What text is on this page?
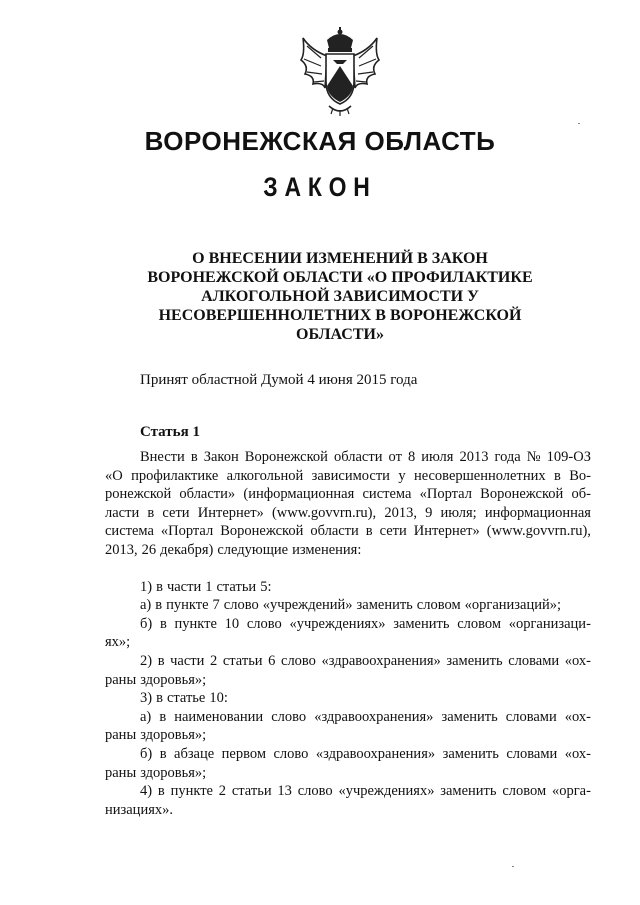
ВОРОНЕЖСКАЯ ОБЛАСТЬ
ЗАКОН
О ВНЕСЕНИИ ИЗМЕНЕНИЙ В ЗАКОН
ВОРОНЕЖСКОЙ ОБЛАСТИ «О ПРОФИЛАКТИКЕ
АЛКОГОЛЬНОЙ ЗАВИСИМОСТИ У
НЕСОВЕРШЕННОЛЕТНИХ В ВОРОНЕЖСКОЙ
ОБЛАСТИ»
Принят областной Думой 4 июня 2015 года
Статья 1
Внести в Закон Воронежской области от 8 июля 2013 года № 109-ОЗ
«О профилактике алкогольной зависимости у несовершеннолетних в Во-
ронежской области» (информационная система «Портал Воронежской об-
ласти в сети Интернет» (www.govvrn.ru), 2013, 9 июля; информационная
система «Портал Воронежской области в сети Интернет» (www.govvrn.ru),
2013, 26 декабря) следующие изменения:
1) в части 1 статьи 5:
а) в пункте 7 слово «учреждений» заменить словом «организаций»;
б) в пункте 10 слово «учреждениях» заменить словом «организаци-
ях»;
2) в части 2 статьи 6 слово «здравоохранения» заменить словами «ох-
раны здоровья»;
3) в статье 10:
а) в наименовании слово «здравоохранения» заменить словами «ох-
раны здоровья»;
б) в абзаце первом слово «здравоохранения» заменить словами «ох-
раны здоровья»;
4) в пункте 2 статьи 13 слово «учреждениях» заменить словом «орга-
низациях».
